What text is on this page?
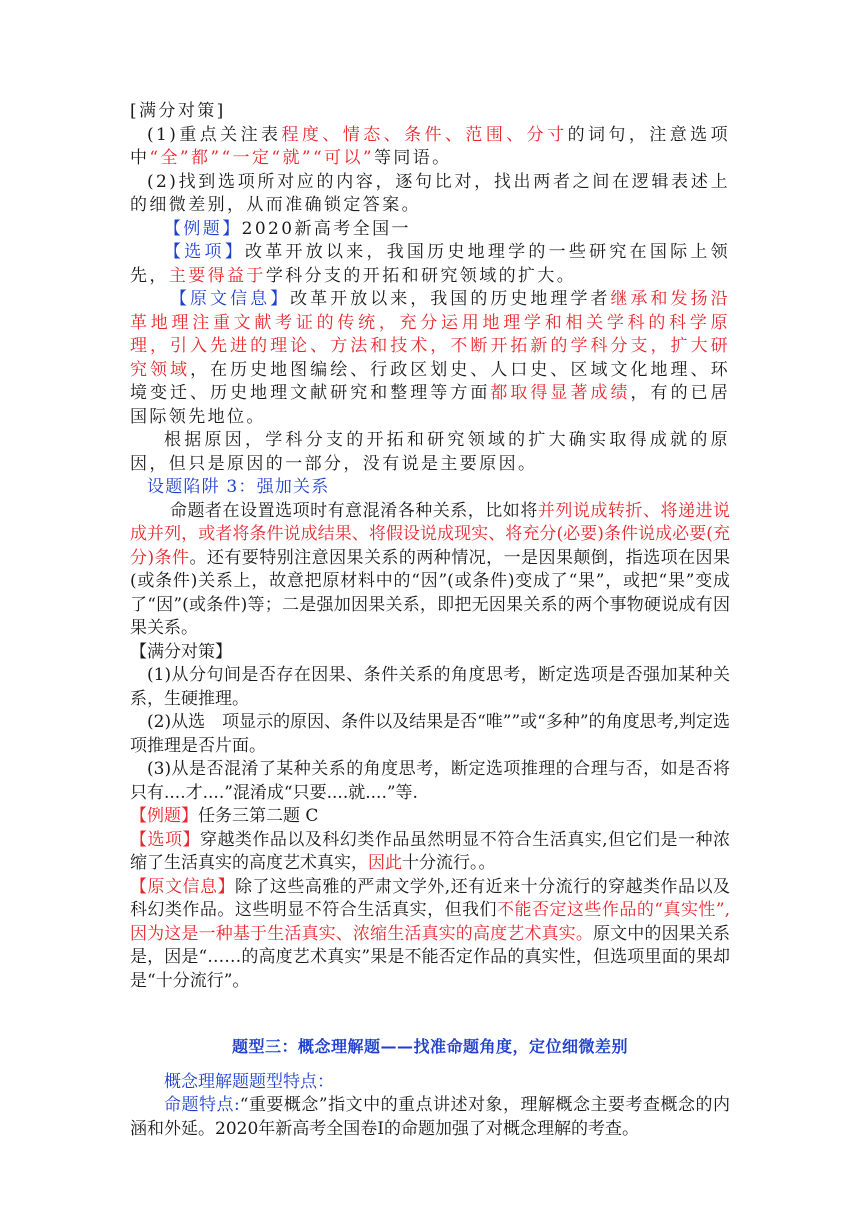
[满分对策]

(1)重点关注表程度、情态、条件、范围、分寸的词句，注意选项中“全”都”“一定“就”“可以”等同语。

(2)找到选项所对应的内容，逐句比对，找出两者之间在逻辑表述上　的细微差别，从而准确锁定答案。

【例题】2020新高考全国一

【选项】改革开放以来，我国历史地理学的一些研究在国际上领先，主要得益于学科分支的开拓和研究领域的扩大。

【原文信息】改革开放以来，我国的历史地理学者继承和发扬沿革地理注重文献考证的传统，充分运用地理学和相关学科的科学原理，引入先进的理论、方法和技术，不断开拓新的学科分支，扩大研究领域，在历史地图编绘、行政区划史、人口史、区域文化地理、环境变迁、历史地理文献研究和整理等方面都取得显著成绩，有的已居国际领先地位。

根据原因，学科分支的开拓和研究领域的扩大确实取得成就的原因，但只是原因的一部分，没有说是主要原因。

设题陷阱 3：强加关系

命题者在设置选项时有意混淆各种关系，比如将并列说成转折、将递进说成并列，或者将条件说成结果、将假设说成现实、将充分(必要)条件说成必要(充分)条件。还有要特别注意因果关系的两种情况，一是因果颠倒，指选项在因果(或条件)关系上，故意把原材料中的“因”(或条件)变成了“果”，或把“果”变成了“因”(或条件)等；二是强加因果关系，即把无因果关系的两个事物硬说成有因果关系。

【满分对策】

(1)从分句间是否存在因果、条件关系的角度思考，断定选项是否强加某种关系，生硬推理。

(2)从选　项显示的原因、条件以及结果是否“唯””或“多种”的角度思考,判定选项推理是否片面。

(3)从是否混淆了某种关系的角度思考，断定选项推理的合理与否，如是否将只有....才....”混淆成“只要....就....”等.

【例题】任务三第二题 C

【选项】穿越类作品以及科幻类作品虽然明显不符合生活真实,但它们是一种浓缩了生活真实的高度艺术真实，因此十分流行。。

【原文信息】除了这些高雅的严肃文学外,还有近来十分流行的穿越类作品以及科幻类作品。这些明显不符合生活真实，但我们不能否定这些作品的“真实性”,因为这是一种基于生活真实、浓缩生活真实的高度艺术真实。原文中的因果关系是，因是“……的高度艺术真实”果是不能否定作品的真实性，但选项里面的果却是“十分流行”。

题型三：概念理解题——找准命题角度，定位细微差别

概念理解题题型特点：

命题特点:“重要概念”指文中的重点讲述对象，理解概念主要考查概念的内涵和外延。2020年新高考全国卷Ⅰ的命题加强了对概念理解的考查。
